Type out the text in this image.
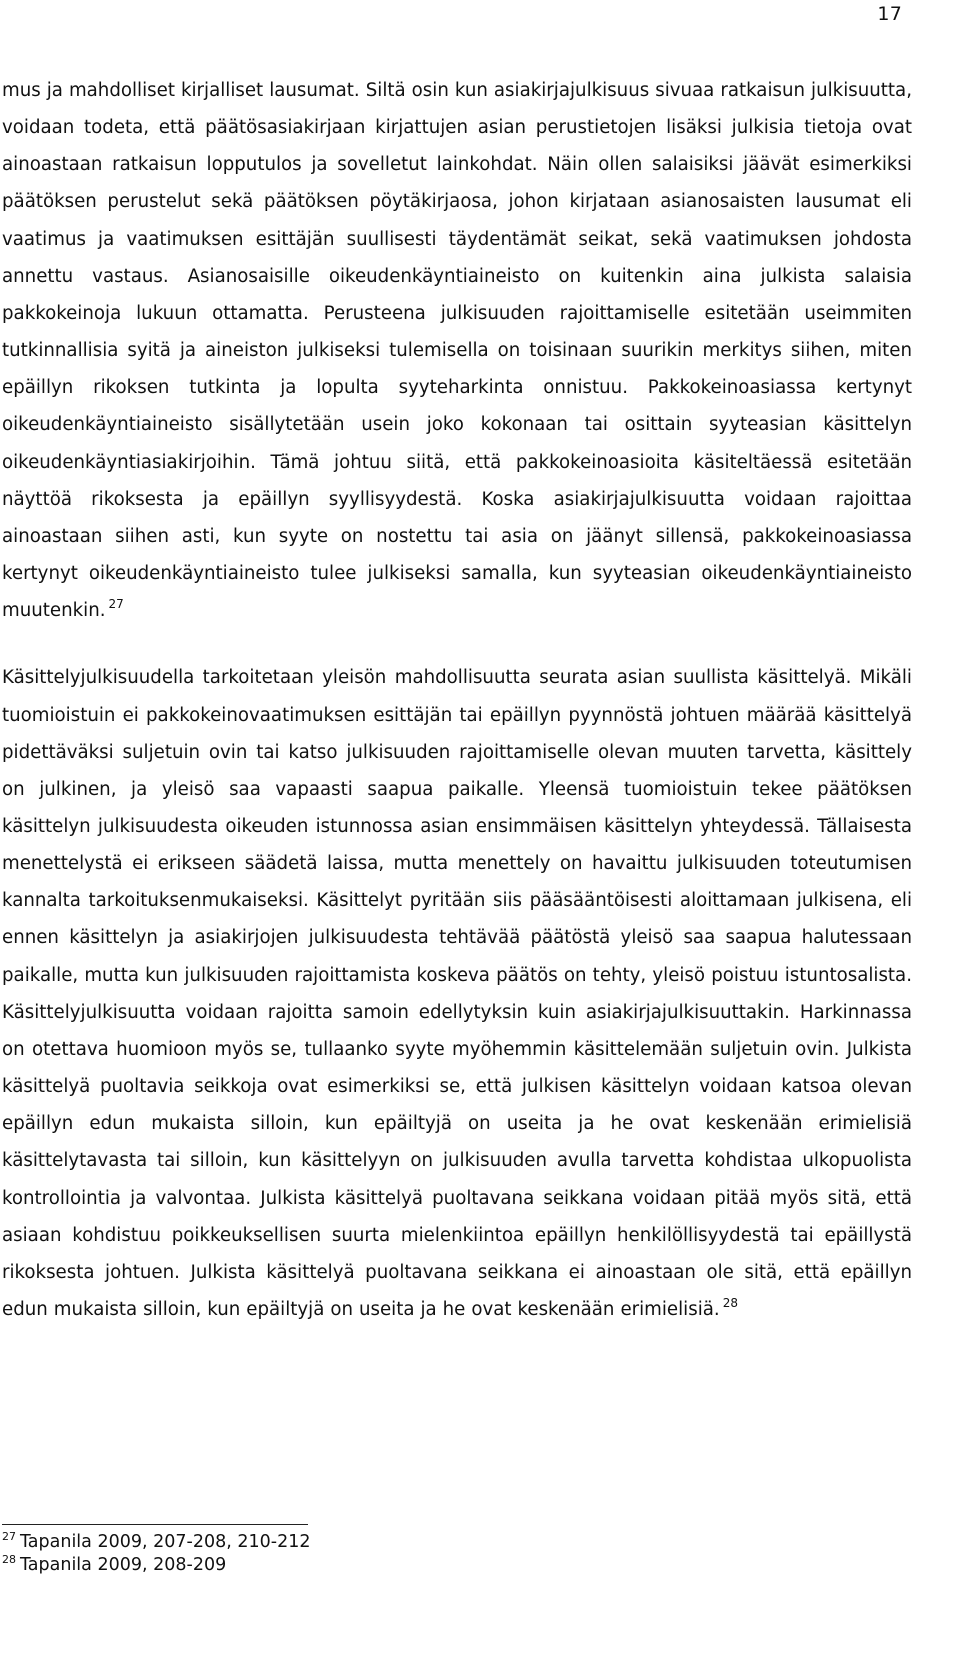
17

mus ja mahdolliset kirjalliset lausumat. Siltä osin kun asiakirjajulkisuus sivuaa ratkaisun julkisuutta, voidaan todeta, että päätösasiakirjaan kirjattujen asian perustietojen lisäksi julkisia tietoja ovat ainoastaan ratkaisun lopputulos ja sovelletut lainkohdat. Näin ollen salaisiksi jäävät esimerkiksi päätöksen perustelut sekä päätöksen pöytäkirjaosa, johon kirjataan asianosaisten lausumat eli vaatimus ja vaatimuksen esittäjän suullisesti täydentämät seikat, sekä vaatimuksen johdosta annettu vastaus. Asianosaisille oikeudenkäyntiaineisto on kuitenkin aina julkista salaisia pakkokeinoja lukuun ottamatta. Perusteena julkisuuden rajoittamiselle esitetään useimmiten tutkinnallisia syitä ja aineiston julkiseksi tulemisella on toisinaan suurikin merkitys siihen, miten epäillyn rikoksen tutkinta ja lopulta syyteharkinta onnistuu. Pakkokeinoasiassa kertynyt oikeudenkäyntiaineisto sisällytetään usein joko kokonaan tai osittain syyteasian käsittelyn oikeudenkäyntiasiakirjoihin. Tämä johtuu siitä, että pakkokeinoasioita käsiteltäessä esitetään näyttöä rikoksesta ja epäillyn syyllisyydestä. Koska asiakirjajulkisuutta voidaan rajoittaa ainoastaan siihen asti, kun syyte on nostettu tai asia on jäänyt sillensä, pakkokeinoasiassa kertynyt oikeudenkäyntiaineisto tulee julkiseksi samalla, kun syyteasian oikeudenkäyntiaineisto muutenkin. $^{27}$

Käsittelyjulkisuudella tarkoitetaan yleisön mahdollisuutta seurata asian suullista käsittelyä. Mikäli tuomioistuin ei pakkokeinovaatimuksen esittäjän tai epäillyn pyynnöstä johtuen määrää käsittelyä pidettäväksi suljetuin ovin tai katso julkisuuden rajoittamiselle olevan muuten tarvetta, käsittely on julkinen, ja yleisö saa vapaasti saapua paikalle. Yleensä tuomioistuin tekee päätöksen käsittelyn julkisuudesta oikeuden istunnossa asian ensimmäisen käsittelyn yhteydessä. Tällaisesta menettelystä ei erikseen säädetä laissa, mutta menettely on havaittu julkisuuden toteutumisen kannalta tarkoituksenmukaiseksi. Käsittelyt pyritään siis pääsääntöisesti aloittamaan julkisena, eli ennen käsittelyn ja asiakirjojen julkisuudesta tehtävää päätöstä yleisö saa saapua halutessaan paikalle, mutta kun julkisuuden rajoittamista koskeva päätös on tehty, yleisö poistuu istuntosalista. Käsittelyjulkisuutta voidaan rajoitta samoin edellytyksin kuin asiakirjajulkisuuttakin. Harkinnassa on otettava huomioon myös se, tullaanko syyte myöhemmin käsittelemään suljetuin ovin. Julkista käsittelyä puoltavia seikkoja ovat esimerkiksi se, että julkisen käsittelyn voidaan katsoa olevan epäillyn edun mukaista silloin, kun epäiltyjä on useita ja he ovat keskenään erimielisiä käsittelytavasta tai silloin, kun käsittelyyn on julkisuuden avulla tarvetta kohdistaa ulkopuolista kontrollointia ja valvontaa. Julkista käsittelyä puoltavana seikkana voidaan pitää myös sitä, että asiaan kohdistuu poikkeuksellisen suurta mielenkiintoa epäillyn henkilöllisyydestä tai epäillystä rikoksesta johtuen. Julkista käsittelyä puoltavana seikkana ei ainoastaan ole sitä, että epäillyn edun mukaista silloin, kun epäiltyjä on useita ja he ovat keskenään erimielisiä. $^{28}$

$^{27}$ Tapanila 2009, 207-208, 210-212
$^{28}$ Tapanila 2009, 208-209
